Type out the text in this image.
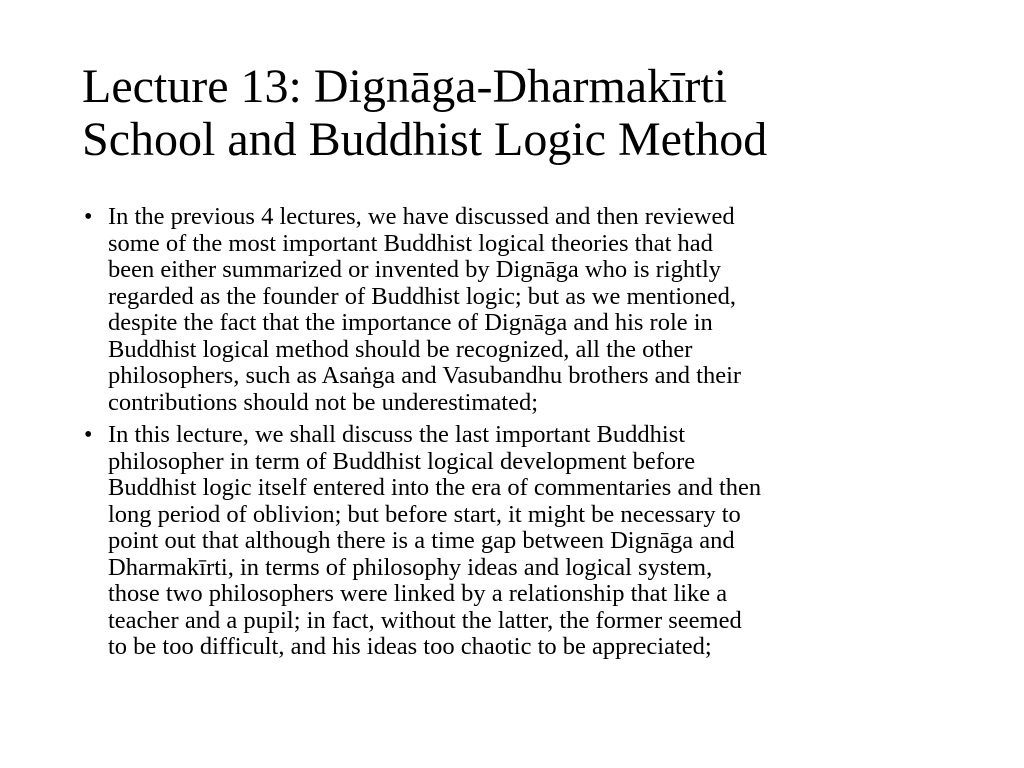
Lecture 13: Dignāga-Dharmakīrti
School and Buddhist Logic Method
• In the previous 4 lectures, we have discussed and then reviewed
some of the most important Buddhist logical theories that had
been either summarized or invented by Dignāga who is rightly
regarded as the founder of Buddhist logic; but as we mentioned,
despite the fact that the importance of Dignāga and his role in
Buddhist logical method should be recognized, all the other
philosophers, such as Asaṅga and Vasubandhu brothers and their
contributions should not be underestimated;
• In this lecture, we shall discuss the last important Buddhist
philosopher in term of Buddhist logical development before
Buddhist logic itself entered into the era of commentaries and then
long period of oblivion; but before start, it might be necessary to
point out that although there is a time gap between Dignāga and
Dharmakīrti, in terms of philosophy ideas and logical system,
those two philosophers were linked by a relationship that like a
teacher and a pupil; in fact, without the latter, the former seemed
to be too difficult, and his ideas too chaotic to be appreciated;
